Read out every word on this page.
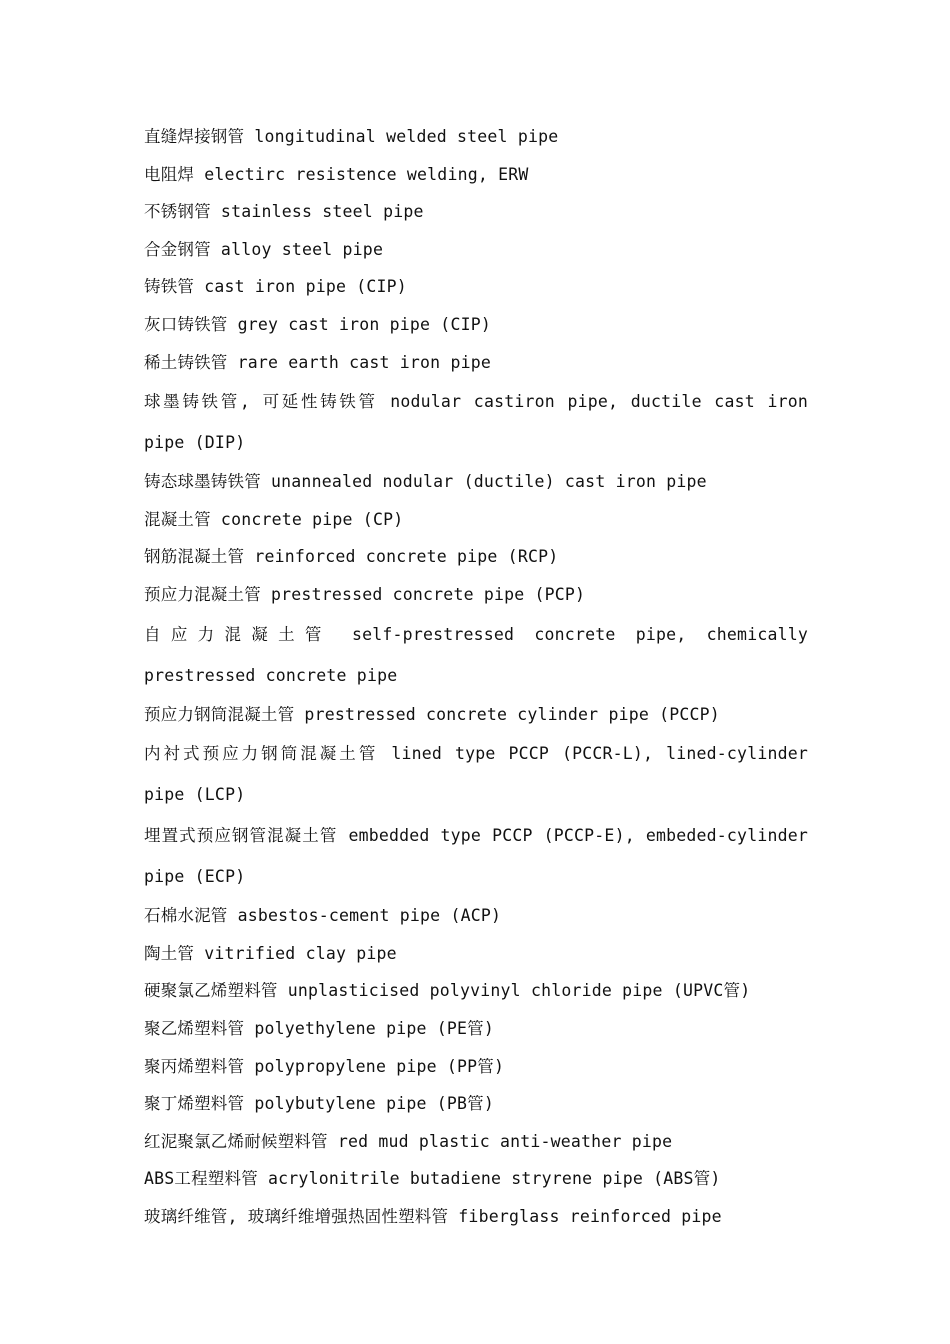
直缝焊接钢管 longitudinal welded steel pipe

电阻焊 electirc resistence welding, ERW

不锈钢管 stainless steel pipe

合金钢管 alloy steel pipe

铸铁管 cast iron pipe (CIP)

灰口铸铁管 grey cast iron pipe (CIP)

稀土铸铁管 rare earth cast iron pipe

球墨铸铁管, 可延性铸铁管 nodular castiron pipe, ductile cast iron pipe (DIP)

铸态球墨铸铁管 unannealed nodular (ductile) cast iron pipe

混凝土管 concrete pipe (CP)

钢筋混凝土管 reinforced concrete pipe (RCP)

预应力混凝土管 prestressed concrete pipe (PCP)

自应力混凝土管 self-prestressed concrete pipe, chemically prestressed concrete pipe

预应力钢筒混凝土管 prestressed concrete cylinder pipe (PCCP)

内衬式预应力钢筒混凝土管 lined type PCCP (PCCR-L), lined-cylinder pipe (LCP)

埋置式预应钢管混凝土管 embedded type PCCP (PCCP-E), embeded-cylinder pipe (ECP)

石棉水泥管 asbestos-cement pipe (ACP)

陶土管 vitrified clay pipe

硬聚氯乙烯塑料管 unplasticised polyvinyl chloride pipe (UPVC管)

聚乙烯塑料管 polyethylene pipe (PE管)

聚丙烯塑料管 polypropylene pipe (PP管)

聚丁烯塑料管 polybutylene pipe (PB管)

红泥聚氯乙烯耐候塑料管 red mud plastic anti-weather pipe

ABS工程塑料管 acrylonitrile butadiene stryrene pipe (ABS管)

玻璃纤维管, 玻璃纤维增强热固性塑料管 fiberglass reinforced pipe
